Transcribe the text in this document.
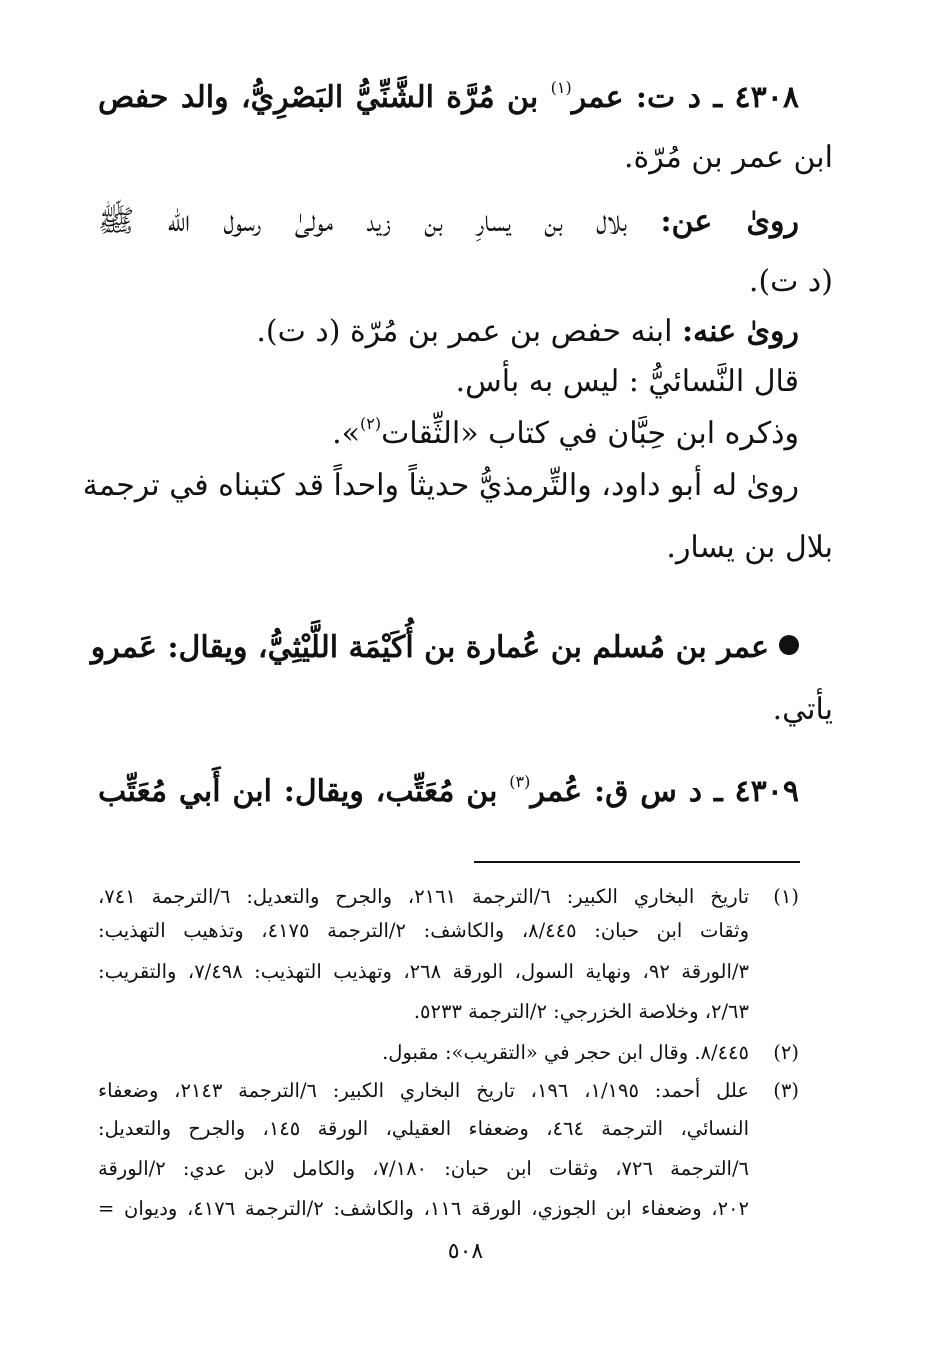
٤٣٠٨ ـ د ت: عمر$^{(١)}$ بن مُرَّة الشَّنِّيُّ البَصْرِيُّ، والد حفص
ابن عمر بن مُرّة.
روىٰ عن: بلال بن يسارِ بن زيد مولىٰ رسول الله ﷺ
(د ت).
روىٰ عنه: ابنه حفص بن عمر بن مُرّة (د ت).
قال النَّسائيُّ : ليس به بأس.
وذكره ابن حِبَّان في كتاب «الثِّقات$^{(٢)}$».
روىٰ له أبو داود، والتِّرمذيُّ حديثاً واحداً قد كتبناه في ترجمة
بلال بن يسار.
عمر بن مُسلم بن عُمارة بن أُكَيْمَة اللَّيْثِيُّ، ويقال: عَمرو
يأتي.
٤٣٠٩ ـ د س ق: عُمر$^{(٣)}$ بن مُعَتِّب، ويقال: ابن أَبي مُعَتِّب
(١)
تاريخ البخاري الكبير: ٦/الترجمة ٢١٦١، والجرح والتعديل: ٦/الترجمة ٧٤١،
وثقات ابن حبان: ٨/٤٤٥، والكاشف: ٢/الترجمة ٤١٧٥، وتذهيب التهذيب:
٣/الورقة ٩٢، ونهاية السول، الورقة ٢٦٨، وتهذيب التهذيب: ٧/٤٩٨، والتقريب:
٢/٦٣، وخلاصة الخزرجي: ٢/الترجمة ٥٢٣٣.
(٢)
٨/٤٤٥. وقال ابن حجر في «التقريب»: مقبول.
(٣)
علل أحمد: ١/١٩٥، ١٩٦، تاريخ البخاري الكبير: ٦/الترجمة ٢١٤٣، وضعفاء
النسائي، الترجمة ٤٦٤، وضعفاء العقيلي، الورقة ١٤٥، والجرح والتعديل:
٦/الترجمة ٧٢٦، وثقات ابن حبان: ٧/١٨٠، والكامل لابن عدي: ٢/الورقة
٢٠٢، وضعفاء ابن الجوزي، الورقة ١١٦، والكاشف: ٢/الترجمة ٤١٧٦، وديوان =
٥٠٨
